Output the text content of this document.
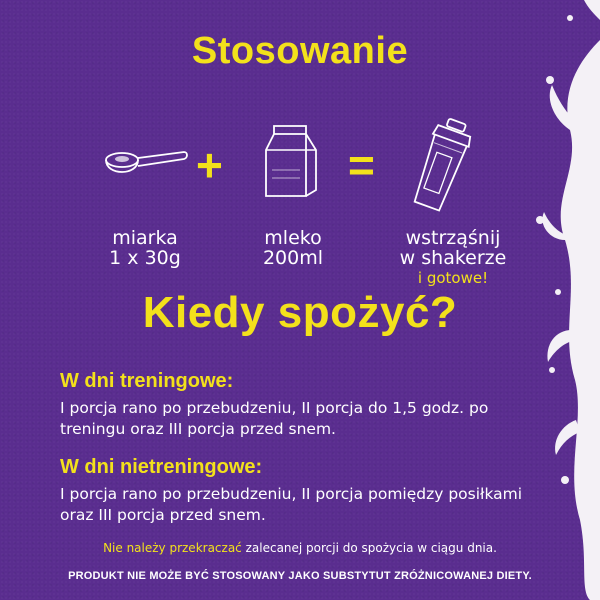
Stosowanie
+	=
miarka
1 x 30g
mleko
200ml
wstrząśnij
w shakerze
i gotowe!
Kiedy spożyć?
W dni treningowe:
I porcja rano po przebudzeniu, II porcja do 1,5 godz. po treningu oraz III porcja przed snem.
W dni nietreningowe:
I porcja rano po przebudzeniu, II porcja pomiędzy posiłkami oraz III porcja przed snem.
Nie należy przekraczać zalecanej porcji do spożycia w ciągu dnia.
PRODUKT NIE MOŻE BYĆ STOSOWANY JAKO SUBSTYTUT ZRÓŻNICOWANEJ DIETY.
